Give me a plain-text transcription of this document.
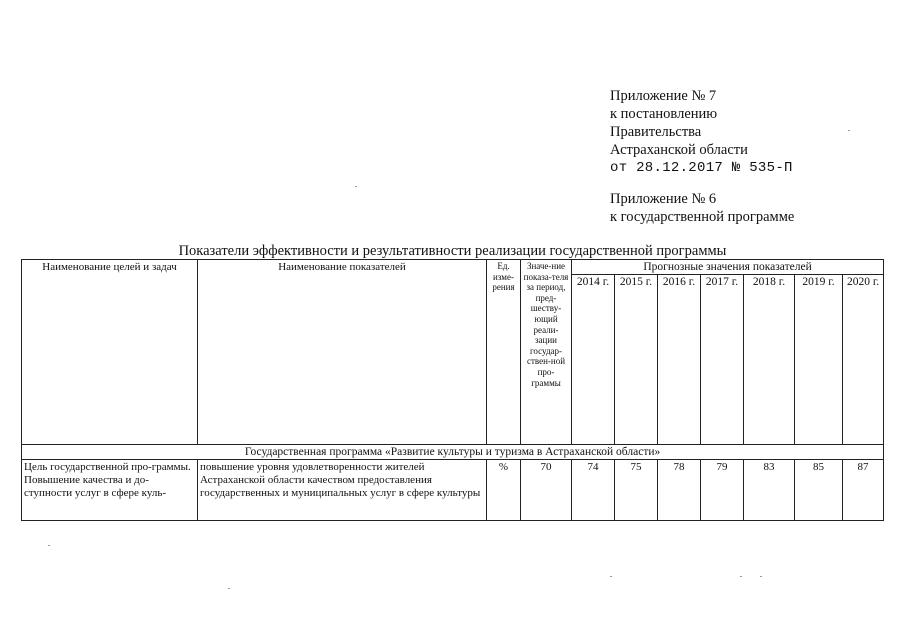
Приложение № 7
к постановлению
Правительства
Астраханской области
от 28.12.2017 № 535-П
Приложение № 6
к государственной программе
Показатели эффективности и результативности реализации государственной программы
Наименование целей и задач	Наименование показателей	Ед. изме-рения	Значе-ние показа-теля за период, пред-шеству-ющий реали-зации государ-ствен-ной про-граммы	Прогнозные значения показателей						
				2014 г.	2015 г.	2016 г.	2017 г.	2018 г.	2019 г.	2020 г.
Государственная программа «Развитие культуры и туризма в Астраханской области»										
Цель государственной про-граммы. Повышение качества и до-ступности услуг в сфере куль-	повышение уровня удовлетворенности жителей Астраханской области качеством предоставления государственных и муниципальных услуг в сфере культуры	%	70	74	75	78	79	83	85	87
